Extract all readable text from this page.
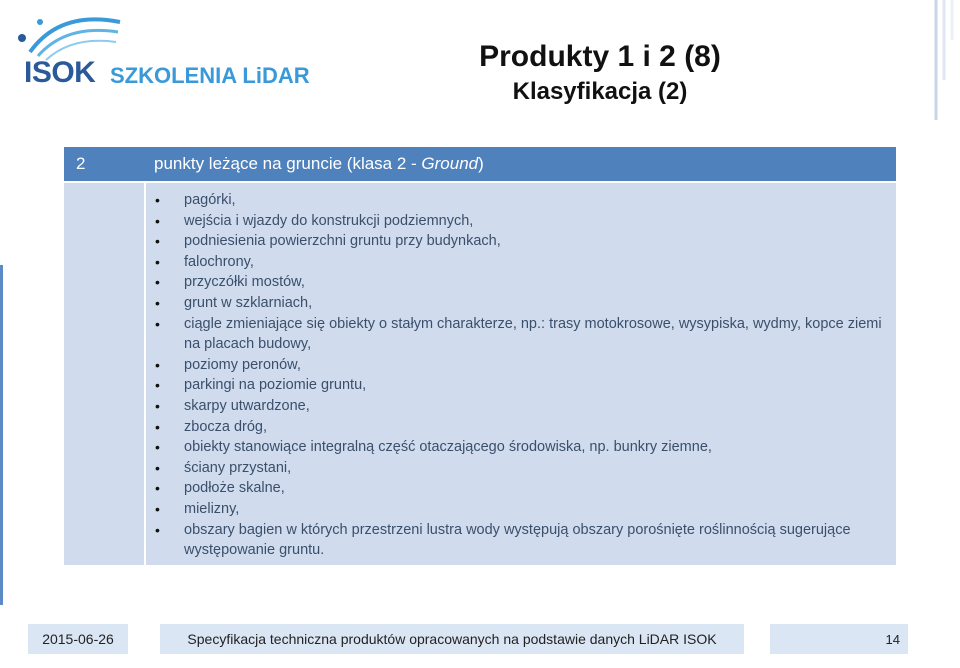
ISOK SZKOLENIA LiDAR
Produkty 1 i 2 (8)
Klasyfikacja (2)
2	punkty leżące na gruncie (klasa 2 - Ground)
• pagórki,
• wejścia i wjazdy do konstrukcji podziemnych,
• podniesienia powierzchni gruntu przy budynkach,
• falochrony,
• przyczółki mostów,
• grunt w szklarniach,
• ciągle zmieniające się obiekty o stałym charakterze, np.: trasy motokrosowe, wysypiska, wydmy, kopce ziemi na placach budowy,
• poziomy peronów,
• parkingi na poziomie gruntu,
• skarpy utwardzone,
• zbocza dróg,
• obiekty stanowiące integralną część otaczającego środowiska, np. bunkry ziemne,
• ściany przystani,
• podłoże skalne,
• mielizny,
• obszary bagien w których przestrzeni lustra wody występują obszary porośnięte roślinnością sugerujące występowanie gruntu.
2015-06-26	Specyfikacja techniczna produktów opracowanych na podstawie danych LiDAR ISOK	14
